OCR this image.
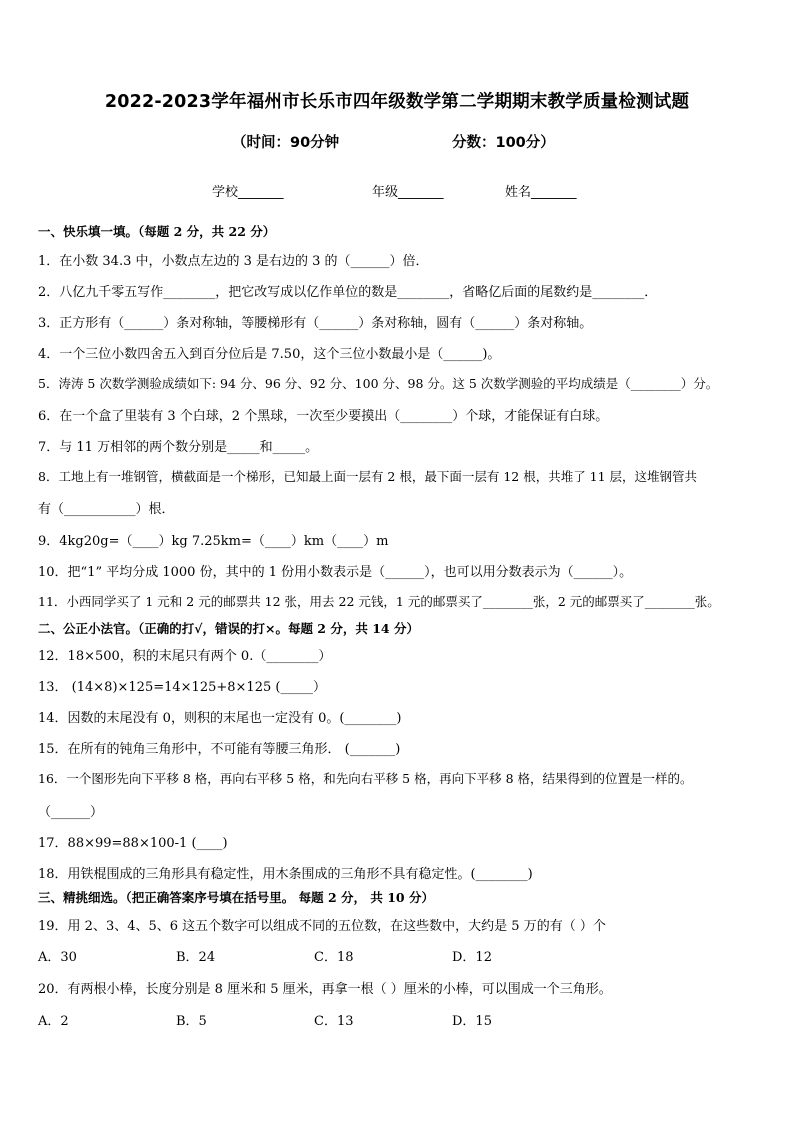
2022-2023学年福州市长乐市四年级数学第二学期期末教学质量检测试题
（时间：90分钟	分数：100分）
学校_______	年级_______	姓名_______
一、快乐填一填。（每题 2 分，共 22 分）
1．在小数 34.3 中，小数点左边的 3 是右边的 3 的（______）倍．
2．八亿九千零五写作________，把它改写成以亿作单位的数是________，省略亿后面的尾数约是________．
3．正方形有（______）条对称轴，等腰梯形有（______）条对称轴，圆有（______）条对称轴。
4．一个三位小数四舍五入到百分位后是 7.50，这个三位小数最小是（______)。
5．涛涛 5 次数学测验成绩如下: 94 分、96 分、92 分、100 分、98 分。这 5 次数学测验的平均成绩是（________）分。
6．在一个盒了里装有 3 个白球，2 个黑球，一次至少要摸出（________）个球，才能保证有白球。
7．与 11 万相邻的两个数分别是_____和_____。
8．工地上有一堆钢管，横截面是一个梯形，已知最上面一层有 2 根，最下面一层有 12 根，共堆了 11 层，这堆钢管共
有（___________）根．
9．4kg20g=（____）kg 7.25km=（____）km（____）m
10．把“1” 平均分成 1000 份，其中的 1 份用小数表示是（______），也可以用分数表示为（______）。
11．小西同学买了 1 元和 2 元的邮票共 12 张，用去 22 元钱，1 元的邮票买了________张，2 元的邮票买了________张。
二、公正小法官。（正确的打√，错误的打×。每题 2 分，共 14 分）
12．18×500，积的末尾只有两个 0.（________）
13． (14×8)×125=14×125+8×125 (_____）
14．因数的末尾没有 0，则积的末尾也一定没有 0。(________)
15．在所有的钝角三角形中，不可能有等腰三角形． (_______)
16．一个图形先向下平移 8 格，再向右平移 5 格，和先向右平移 5 格，再向下平移 8 格，结果得到的位置是一样的。
（______）
17．88×99=88×100-1 (____)
18．用铁棍围成的三角形具有稳定性，用木条围成的三角形不具有稳定性。(________)
三、精挑细选。（把正确答案序号填在括号里。 每题 2 分， 共 10 分）
19．用 2、3、4、5、6 这五个数字可以组成不同的五位数，在这些数中，大约是 5 万的有（ ）个
A．30	B．24	C．18	D．12
20．有两根小棒，长度分别是 8 厘米和 5 厘米，再拿一根（ ）厘米的小棒，可以围成一个三角形。
A．2	B．5	C．13	D．15
